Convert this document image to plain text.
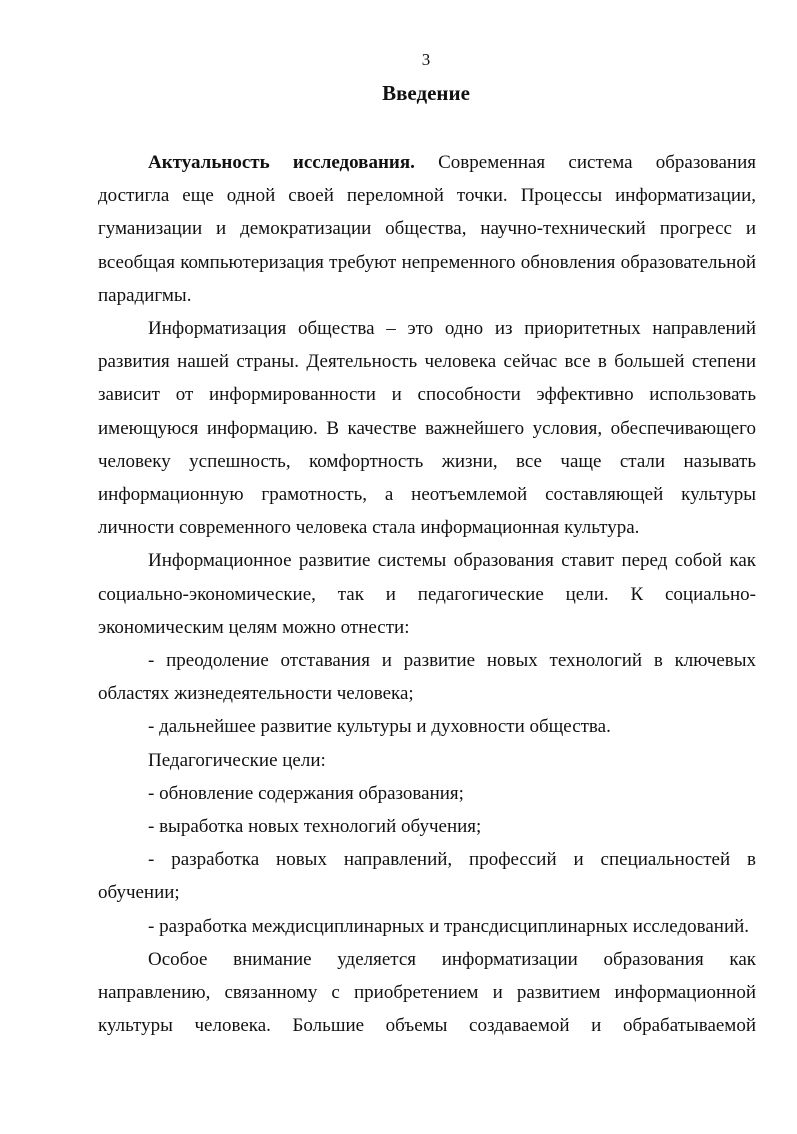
3
Введение

Актуальность исследования. Современная система образования достигла еще одной своей переломной точки. Процессы информатизации, гуманизации и демократизации общества, научно-технический прогресс и всеобщая компьютеризация требуют непременного обновления образовательной парадигмы.

Информатизация общества – это одно из приоритетных направлений развития нашей страны. Деятельность человека сейчас все в большей степени зависит от информированности и способности эффективно использовать имеющуюся информацию. В качестве важнейшего условия, обеспечивающего человеку успешность, комфортность жизни, все чаще стали называть информационную грамотность, а неотъемлемой составляющей культуры личности современного человека стала информационная культура.

Информационное развитие системы образования ставит перед собой как социально-экономические, так и педагогические цели. К социально-экономическим целям можно отнести:

- преодоление отставания и развитие новых технологий в ключевых областях жизнедеятельности человека;

- дальнейшее развитие культуры и духовности общества.

Педагогические цели:

- обновление содержания образования;

- выработка новых технологий обучения;

- разработка новых направлений, профессий и специальностей в обучении;

- разработка междисциплинарных и трансдисциплинарных исследований.

Особое внимание уделяется информатизации образования как направлению, связанному с приобретением и развитием информационной культуры человека. Большие объемы создаваемой и обрабатываемой
